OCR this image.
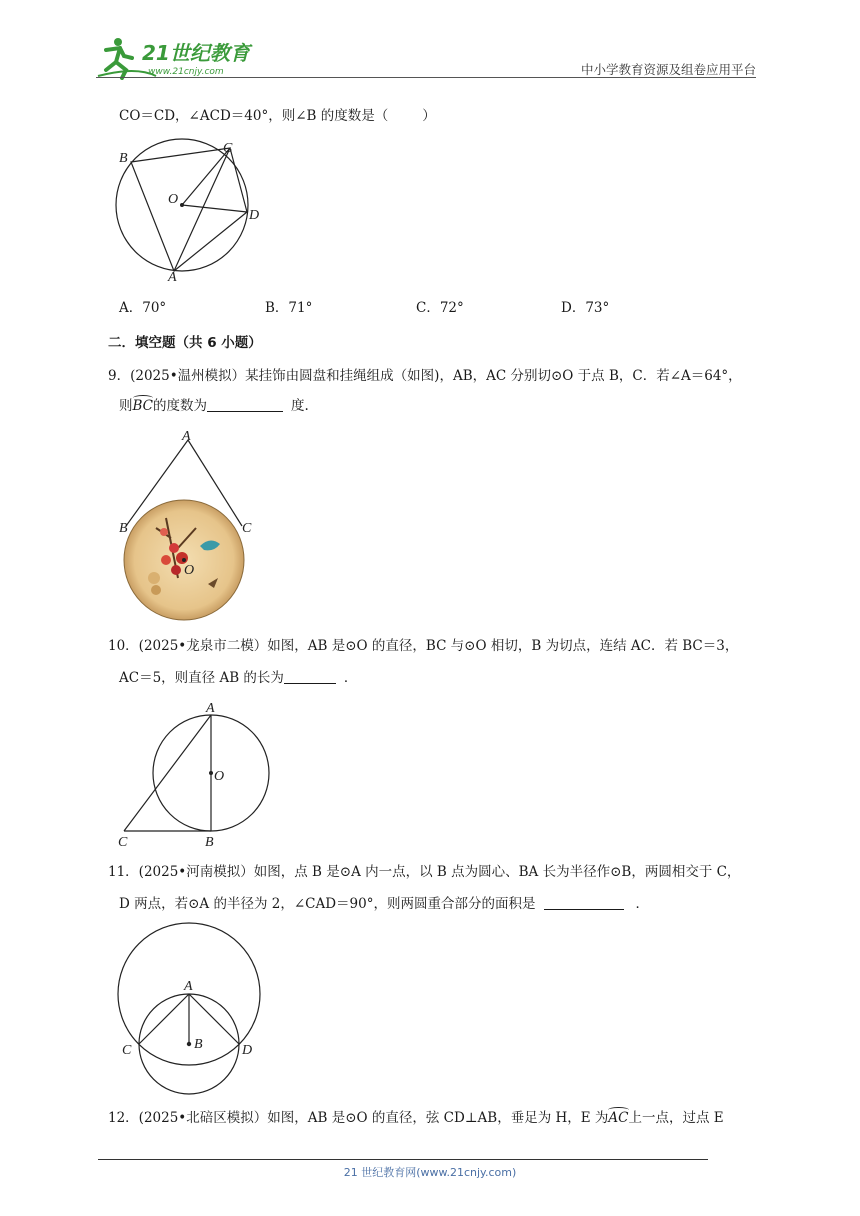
21世纪教育
www.21cnjy.com	中小学教育资源及组卷应用平台
CO＝CD，∠ACD＝40°，则∠B 的度数是（	）
B
C
O
D
A
A．70°	B．71°	C．72°	D．73°
二．填空题（共 6 小题）
9．(2025•温州模拟）某挂饰由圆盘和挂绳组成（如图)，AB，AC 分别切⊙O 于点 B，C．若∠A＝64°，
则
BC的度数为	度.
A
B	C
O
10．(2025•龙泉市二模）如图，AB 是⊙O 的直径，BC 与⊙O 相切，B 为切点，连结 AC．若 BC＝3，
AC＝5，则直径 AB 的长为	．
A
O
C	B
11．(2025•河南模拟）如图，点 B 是⊙A 内一点，以 B 点为圆心、BA 长为半径作⊙B，两圆相交于 C，
D 两点，若⊙A 的半径为 2，∠CAD＝90°，则两圆重合部分的面积是	．
A
B
C	D
12．(2025•北碚区模拟）如图，AB 是⊙O 的直径，弦 CD⊥AB，垂足为 H，E 为
AC上一点，过点 E
21 世纪教育网(www.21cnjy.com)
